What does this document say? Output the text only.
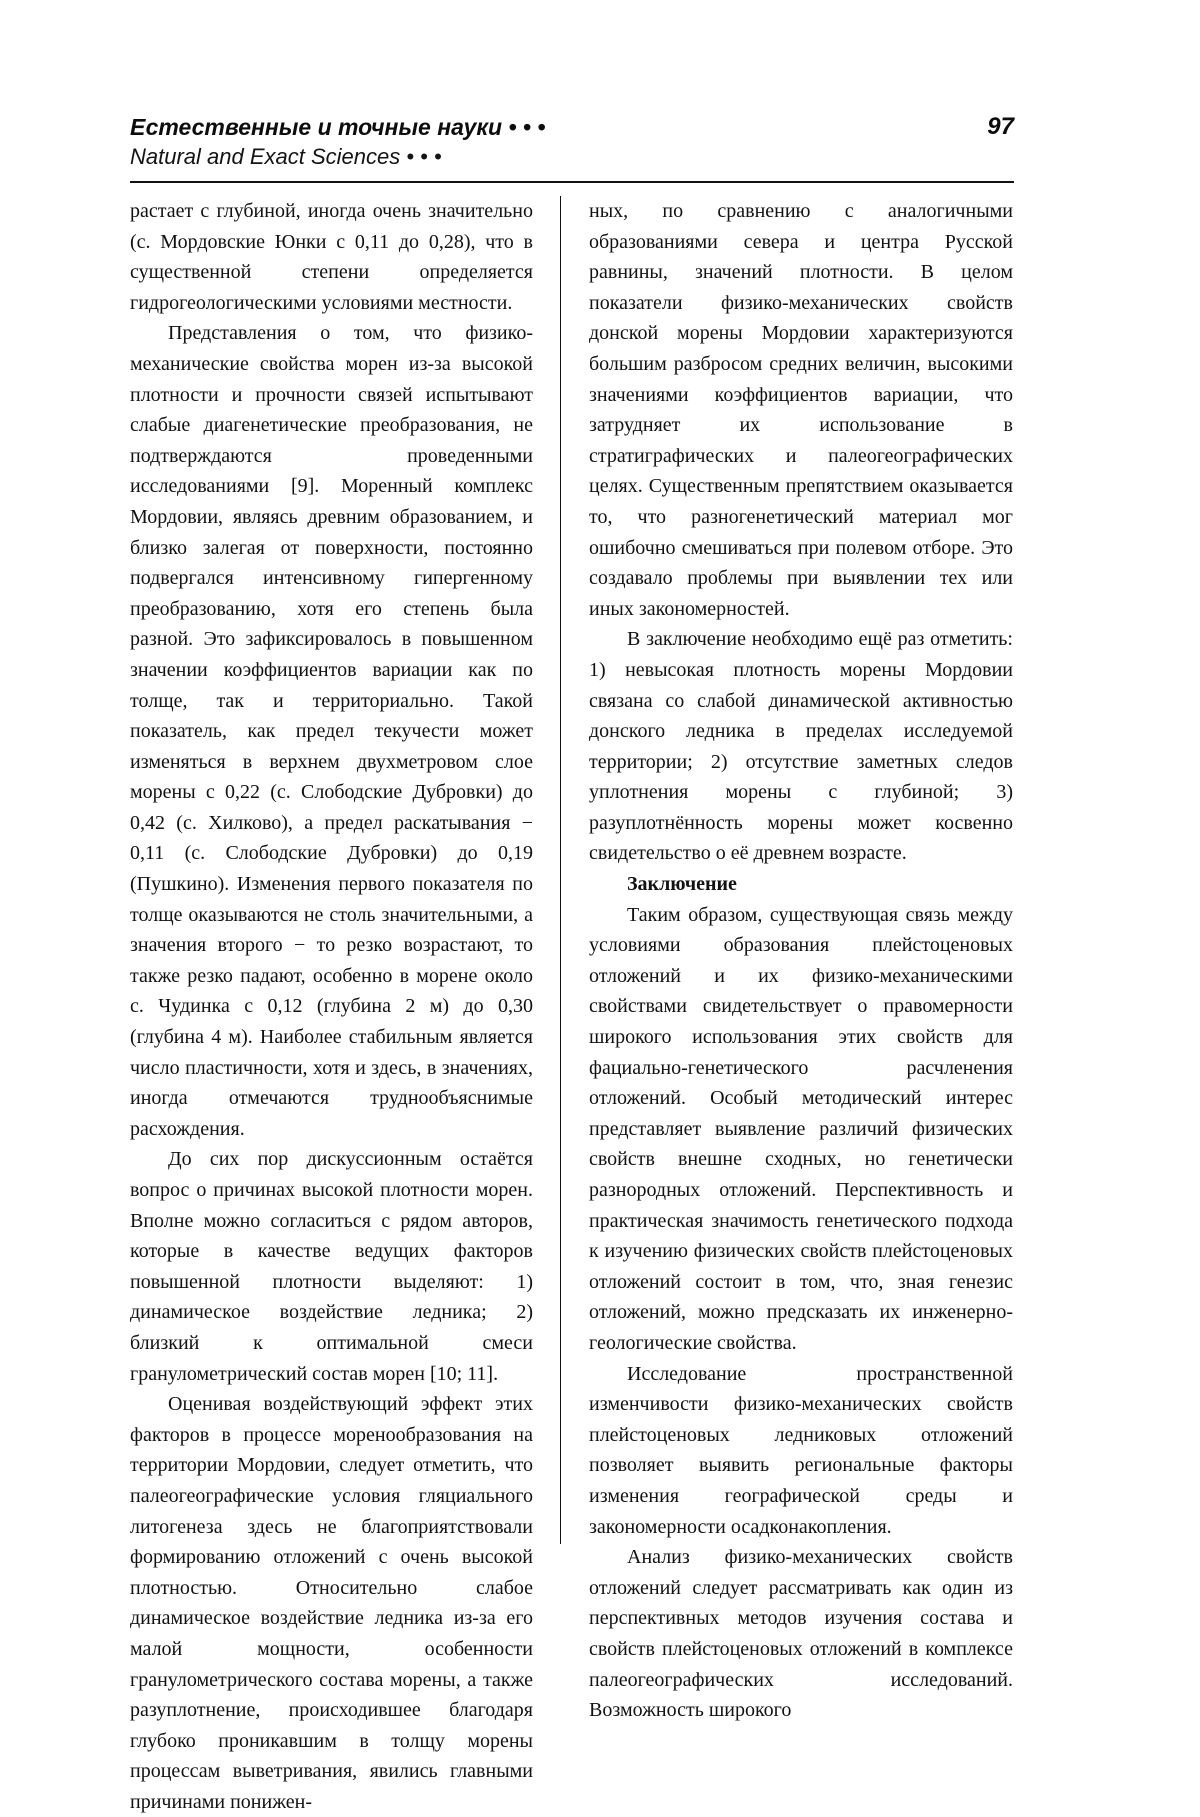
Естественные и точные науки • • •
Natural and Exact Sciences • • •
97

растает с глубиной, иногда очень значительно (с. Мордовские Юнки с 0,11 до 0,28), что в существенной степени определяется гидрогеологическими условиями местности.

Представления о том, что физико-механические свойства морен из-за высокой плотности и прочности связей испытывают слабые диагенетические преобразования, не подтверждаются проведенными исследованиями [9]. Моренный комплекс Мордовии, являясь древним образованием, и близко залегая от поверхности, постоянно подвергался интенсивному гипергенному преобразованию, хотя его степень была разной. Это зафиксировалось в повышенном значении коэффициентов вариации как по толще, так и территориально. Такой показатель, как предел текучести может изменяться в верхнем двухметровом слое морены с 0,22 (с. Слободские Дубровки) до 0,42 (с. Хилково), а предел раскатывания − 0,11 (с. Слободские Дубровки) до 0,19 (Пушкино). Изменения первого показателя по толще оказываются не столь значительными, а значения второго − то резко возрастают, то также резко падают, особенно в морене около с. Чудинка с 0,12 (глубина 2 м) до 0,30 (глубина 4 м). Наиболее стабильным является число пластичности, хотя и здесь, в значениях, иногда отмечаются труднообъяснимые расхождения.

До сих пор дискуссионным остаётся вопрос о причинах высокой плотности морен. Вполне можно согласиться с рядом авторов, которые в качестве ведущих факторов повышенной плотности выделяют: 1) динамическое воздействие ледника; 2) близкий к оптимальной смеси гранулометрический состав морен [10; 11].

Оценивая воздействующий эффект этих факторов в процессе моренообразования на территории Мордовии, следует отметить, что палеогеографические условия гляциального литогенеза здесь не благоприятствовали формированию отложений с очень высокой плотностью. Относительно слабое динамическое воздействие ледника из-за его малой мощности, особенности гранулометрического состава морены, а также разуплотнение, происходившее благодаря глубоко проникавшим в толщу морены процессам выветривания, явились главными причинами понижен-

ных, по сравнению с аналогичными образованиями севера и центра Русской равнины, значений плотности. В целом показатели физико-механических свойств донской морены Мордовии характеризуются большим разбросом средних величин, высокими значениями коэффициентов вариации, что затрудняет их использование в стратиграфических и палеогеографических целях. Существенным препятствием оказывается то, что разногенетический материал мог ошибочно смешиваться при полевом отборе. Это создавало проблемы при выявлении тех или иных закономерностей.

В заключение необходимо ещё раз отметить: 1) невысокая плотность морены Мордовии связана со слабой динамической активностью донского ледника в пределах исследуемой территории; 2) отсутствие заметных следов уплотнения морены с глубиной; 3) разуплотнённость морены может косвенно свидетельство о её древнем возрасте.

Заключение

Таким образом, существующая связь между условиями образования плейстоценовых отложений и их физико-механическими свойствами свидетельствует о правомерности широкого использования этих свойств для фациально-генетического расчленения отложений. Особый методический интерес представляет выявление различий физических свойств внешне сходных, но генетически разнородных отложений. Перспективность и практическая значимость генетического подхода к изучению физических свойств плейстоценовых отложений состоит в том, что, зная генезис отложений, можно предсказать их инженерно-геологические свойства.

Исследование пространственной изменчивости физико-механических свойств плейстоценовых ледниковых отложений позволяет выявить региональные факторы изменения географической среды и закономерности осадконакопления.

Анализ физико-механических свойств отложений следует рассматривать как один из перспективных методов изучения состава и свойств плейстоценовых отложений в комплексе палеогеографических исследований. Возможность широкого
